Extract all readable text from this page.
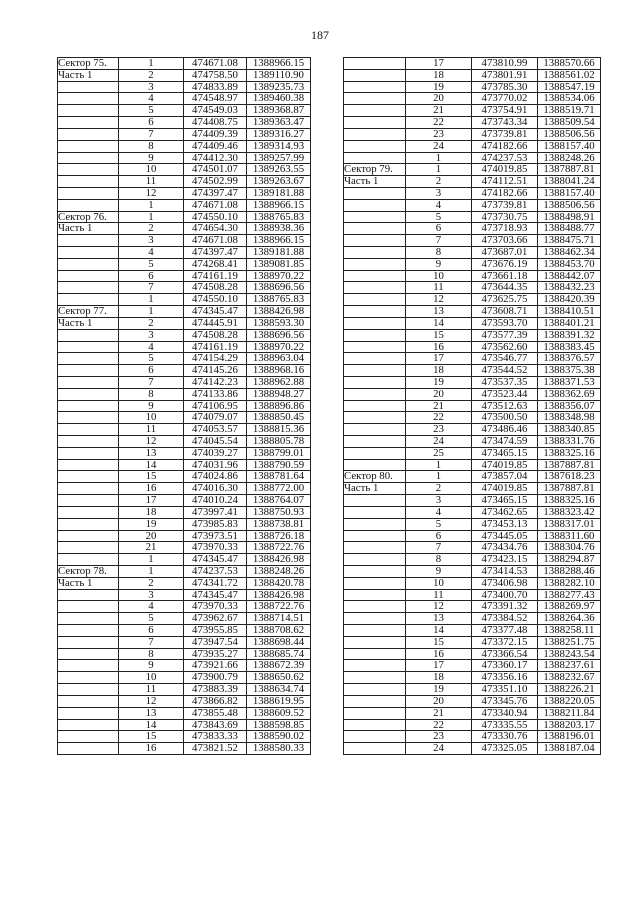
187
Сектор 75.	1	474671.08	1388966.15

Часть 1	2	474758.50	1389110.90
	3	474833.89	1389235.73
	4	474548.97	1389460.38
	5	474549.03	1389368.87
	6	474408.75	1389363.47
	7	474409.39	1389316.27
	8	474409.46	1389314.93
	9	474412.30	1389257.99
	10	474501.07	1389263.55
	11	474502.99	1389263.67
	12	474397.47	1389181.88
	1	474671.08	1388966.15

Сектор 76.	1	474550.10	1388765.83

Часть 1	2	474654.30	1388938.36
	3	474671.08	1388966.15
	4	474397.47	1389181.88
	5	474268.41	1389081.85
	6	474161.19	1388970.22
	7	474508.28	1388696.56
	1	474550.10	1388765.83

Сектор 77.	1	474345.47	1388426.98

Часть 1	2	474445.91	1388593.30
	3	474508.28	1388696.56
	4	474161.19	1388970.22
	5	474154.29	1388963.04
	6	474145.26	1388968.16
	7	474142.23	1388962.88
	8	474133.86	1388948.27
	9	474106.95	1388896.86
	10	474079.07	1388850.45
	11	474053.57	1388815.36
	12	474045.54	1388805.78
	13	474039.27	1388799.01
	14	474031.96	1388790.59
	15	474024.86	1388781.64
	16	474016.30	1388772.00
	17	474010.24	1388764.07
	18	473997.41	1388750.93
	19	473985.83	1388738.81
	20	473973.51	1388726.18
	21	473970.33	1388722.76
	1	474345.47	1388426.98

Сектор 78.	1	474237.53	1388248.26

Часть 1	2	474341.72	1388420.78
	3	474345.47	1388426.98
	4	473970.33	1388722.76
	5	473962.67	1388714.51
	6	473955.85	1388708.62
	7	473947.54	1388698.44
	8	473935.27	1388685.74
	9	473921.66	1388672.39
	10	473900.79	1388650.62
	11	473883.39	1388634.74
	12	473866.82	1388619.95
	13	473855.48	1388609.52
	14	473843.69	1388598.85
	15	473833.33	1388590.02
	16	473821.52	1388580.33
	17	473810.99	1388570.66
	18	473801.91	1388561.02
	19	473785.30	1388547.19
	20	473770.02	1388534.06
	21	473754.91	1388519.71
	22	473743.34	1388509.54
	23	473739.81	1388506.56
	24	474182.66	1388157.40
	1	474237.53	1388248.26

Сектор 79.	1	474019.85	1387887.81

Часть 1	2	474112.51	1388041.24
	3	474182.66	1388157.40
	4	473739.81	1388506.56
	5	473730.75	1388498.91
	6	473718.93	1388488.77
	7	473703.66	1388475.71
	8	473687.01	1388462.34
	9	473676.19	1388453.70
	10	473661.18	1388442.07
	11	473644.35	1388432.23
	12	473625.75	1388420.39
	13	473608.71	1388410.51
	14	473593.70	1388401.21
	15	473577.39	1388391.32
	16	473562.60	1388383.45
	17	473546.77	1388376.57
	18	473544.52	1388375.38
	19	473537.35	1388371.53
	20	473523.44	1388362.69
	21	473512.63	1388356.07
	22	473500.50	1388348.98
	23	473486.46	1388340.85
	24	473474.59	1388331.76
	25	473465.15	1388325.16
	1	474019.85	1387887.81

Сектор 80.	1	473857.04	1387618.23

Часть 1	2	474019.85	1387887.81
	3	473465.15	1388325.16
	4	473462.65	1388323.42
	5	473453.13	1388317.01
	6	473445.05	1388311.60
	7	473434.76	1388304.76
	8	473423.15	1388294.87
	9	473414.53	1388288.46
	10	473406.98	1388282.10
	11	473400.70	1388277.43
	12	473391.32	1388269.97
	13	473384.52	1388264.36
	14	473377.48	1388258.11
	15	473372.15	1388251.75
	16	473366.54	1388243.54
	17	473360.17	1388237.61
	18	473356.16	1388232.67
	19	473351.10	1388226.21
	20	473345.76	1388220.05
	21	473340.94	1388211.84
	22	473335.55	1388203.17
	23	473330.76	1388196.01
	24	473325.05	1388187.04
